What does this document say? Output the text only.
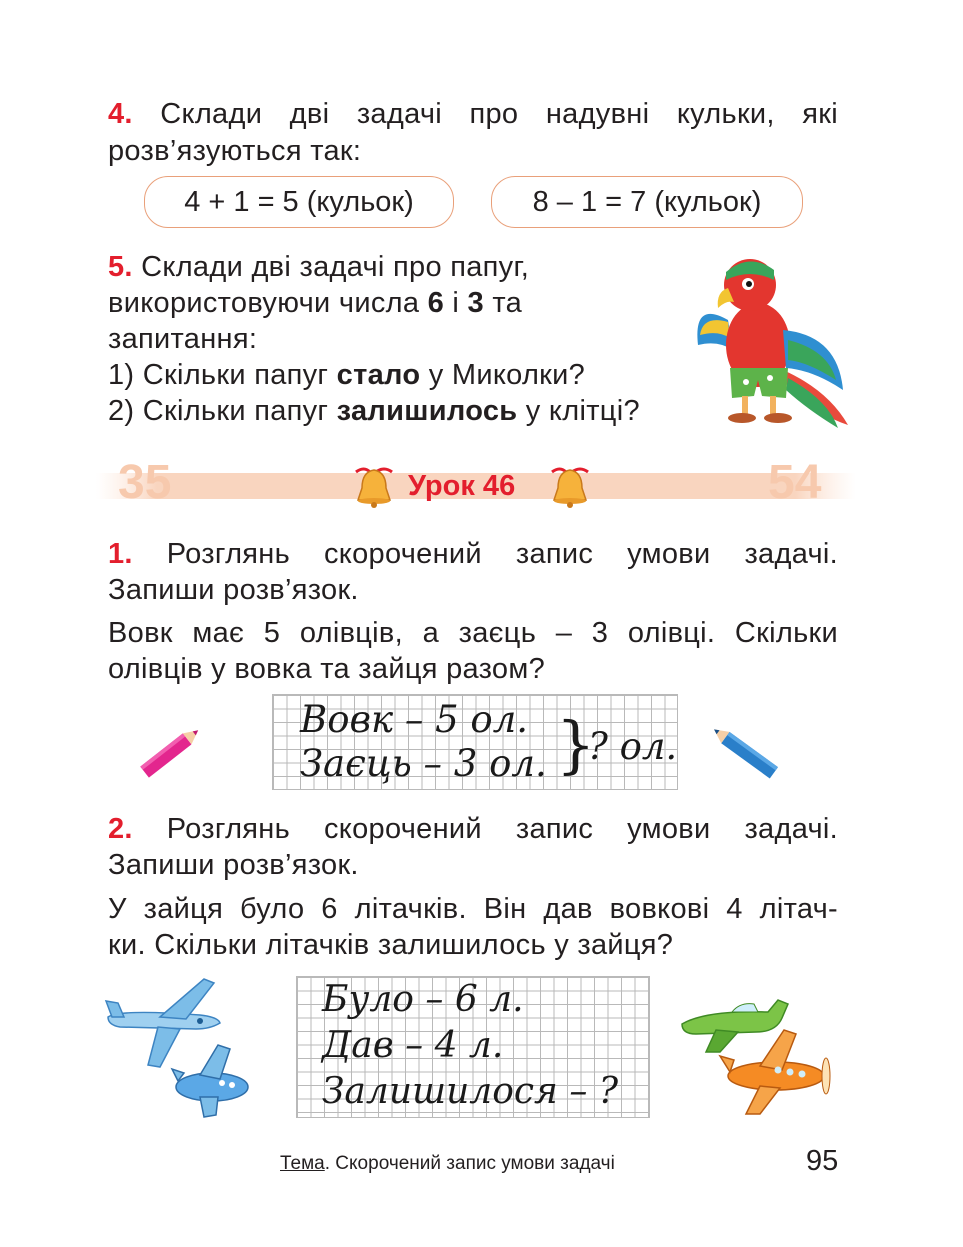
4. Склади дві задачі про надувні кульки, які
розв’язуються так:
4 + 1 = 5 (кульок)	8 – 1 = 7 (кульок)
5. Склади дві задачі про папуг,
використовуючи числа 6 і 3 та
запитання:
1) Скільки папуг стало у Миколки?
2) Скільки папуг залишилось у клітці?
35	54
Урок 46
1. Розглянь скорочений запис умови задачі.
Запиши розв’язок.
Вовк має 5 олівців, а заєць – 3 олівці. Скільки
олівців у вовка та зайця разом?
Вовк – 5 ол.
Заєць – 3 ол. }
? ол.
2. Розглянь скорочений запис умови задачі.
Запиши розв’язок.
У зайця було 6 літачків. Він дав вовкові 4 літач-
ки. Скільки літачків залишилось у зайця?
Було – 6 л.
Дав – 4 л.
Залишилося – ?
Тема. Скорочений запис умови задачі	95
